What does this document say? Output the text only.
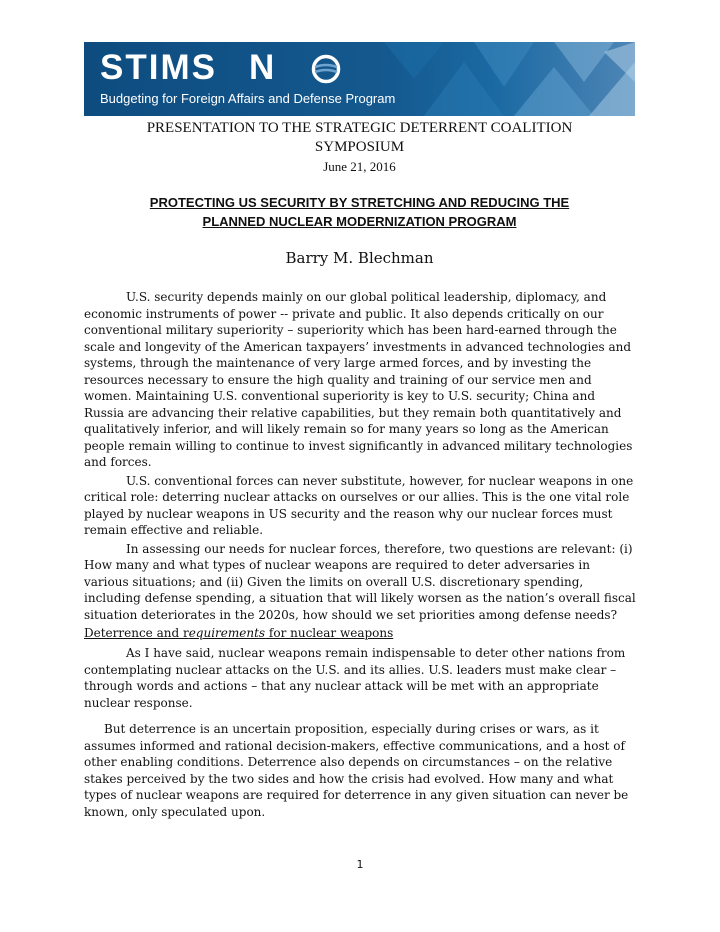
STIMS N
Budgeting for Foreign Affairs and Defense Program
PRESENTATION TO THE STRATEGIC DETERRENT COALITION
SYMPOSIUM
June 21, 2016
PROTECTING US SECURITY BY STRETCHING AND REDUCING THE
PLANNED NUCLEAR MODERNIZATION PROGRAM
Barry M. Blechman

U.S. security depends mainly on our global political leadership, diplomacy, and economic instruments of power -- private and public. It also depends critically on our conventional military superiority – superiority which has been hard-earned through the scale and longevity of the American taxpayers’ investments in advanced technologies and systems, through the maintenance of very large armed forces, and by investing the resources necessary to ensure the high quality and training of our service men and women. Maintaining U.S. conventional superiority is key to U.S. security; China and Russia are advancing their relative capabilities, but they remain both quantitatively and qualitatively inferior, and will likely remain so for many years so long as the American people remain willing to continue to invest significantly in advanced military technologies and forces.

U.S. conventional forces can never substitute, however, for nuclear weapons in one critical role: deterring nuclear attacks on ourselves or our allies. This is the one vital role played by nuclear weapons in US security and the reason why our nuclear forces must remain effective and reliable.

In assessing our needs for nuclear forces, therefore, two questions are relevant: (i) How many and what types of nuclear weapons are required to deter adversaries in various situations; and (ii) Given the limits on overall U.S. discretionary spending, including defense spending, a situation that will likely worsen as the nation’s overall fiscal situation deteriorates in the 2020s, how should we set priorities among defense needs?

Deterrence and requirements for nuclear weapons

As I have said, nuclear weapons remain indispensable to deter other nations from contemplating nuclear attacks on the U.S. and its allies. U.S. leaders must make clear – through words and actions – that any nuclear attack will be met with an appropriate nuclear response.

But deterrence is an uncertain proposition, especially during crises or wars, as it assumes informed and rational decision-makers, effective communications, and a host of other enabling conditions. Deterrence also depends on circumstances – on the relative stakes perceived by the two sides and how the crisis had evolved. How many and what types of nuclear weapons are required for deterrence in any given situation can never be known, only speculated upon.

1
